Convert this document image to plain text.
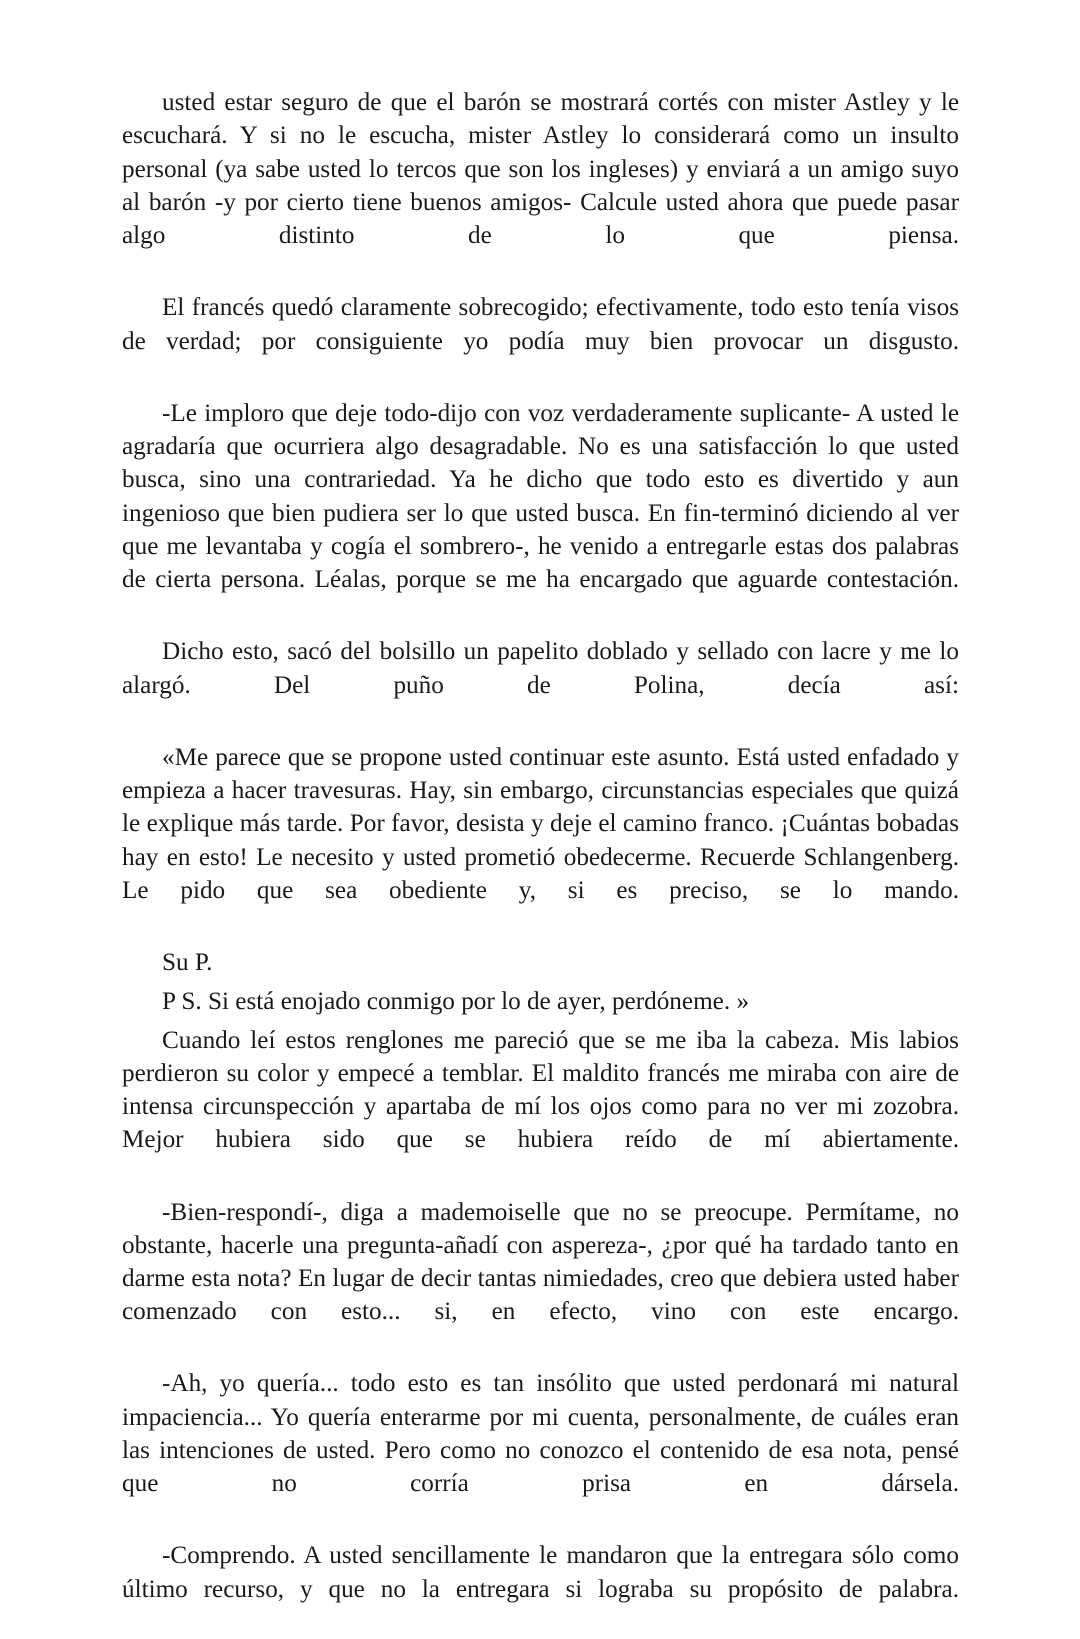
usted estar seguro de que el barón se mostrará cortés con mister Astley y le escuchará. Y si no le escucha, mister Astley lo considerará como un insulto personal (ya sabe usted lo tercos que son los ingleses) y enviará a un amigo suyo al barón -y por cierto tiene buenos amigos- Calcule usted ahora que puede pasar algo distinto de lo que piensa.

El francés quedó claramente sobrecogido; efectivamente, todo esto tenía visos de verdad; por consiguiente yo podía muy bien provocar un disgusto.

-Le imploro que deje todo-dijo con voz verdaderamente suplicante- A usted le agradaría que ocurriera algo desagradable. No es una satisfacción lo que usted busca, sino una contrariedad. Ya he dicho que todo esto es divertido y aun ingenioso que bien pudiera ser lo que usted busca. En fin-terminó diciendo al ver que me levantaba y cogía el sombrero-, he venido a entregarle estas dos palabras de cierta persona. Léalas, porque se me ha encargado que aguarde contestación.

Dicho esto, sacó del bolsillo un papelito doblado y sellado con lacre y me lo alargó. Del puño de Polina, decía así:

«Me parece que se propone usted continuar este asunto. Está usted enfadado y empieza a hacer travesuras. Hay, sin embargo, circunstancias especiales que quizá le explique más tarde. Por favor, desista y deje el camino franco. ¡Cuántas bobadas hay en esto! Le necesito y usted prometió obedecerme. Recuerde Schlangenberg. Le pido que sea obediente y, si es preciso, se lo mando.

Su P.

P S. Si está enojado conmigo por lo de ayer, perdóneme. »

Cuando leí estos renglones me pareció que se me iba la cabeza. Mis labios perdieron su color y empecé a temblar. El maldito francés me miraba con aire de intensa circunspección y apartaba de mí los ojos como para no ver mi zozobra. Mejor hubiera sido que se hubiera reído de mí abiertamente.

-Bien-respondí-, diga a mademoiselle que no se preocupe. Permítame, no obstante, hacerle una pregunta-añadí con aspereza-, ¿por qué ha tardado tanto en darme esta nota? En lugar de decir tantas nimiedades, creo que debiera usted haber comenzado con esto... si, en efecto, vino con este encargo.

-Ah, yo quería... todo esto es tan insólito que usted perdonará mi natural impaciencia... Yo quería enterarme por mi cuenta, personalmente, de cuáles eran las intenciones de usted. Pero como no conozco el contenido de esa nota, pensé que no corría prisa en dársela.

-Comprendo. A usted sencillamente le mandaron que la entregara sólo como último recurso, y que no la entregara si lograba su propósito de palabra.
